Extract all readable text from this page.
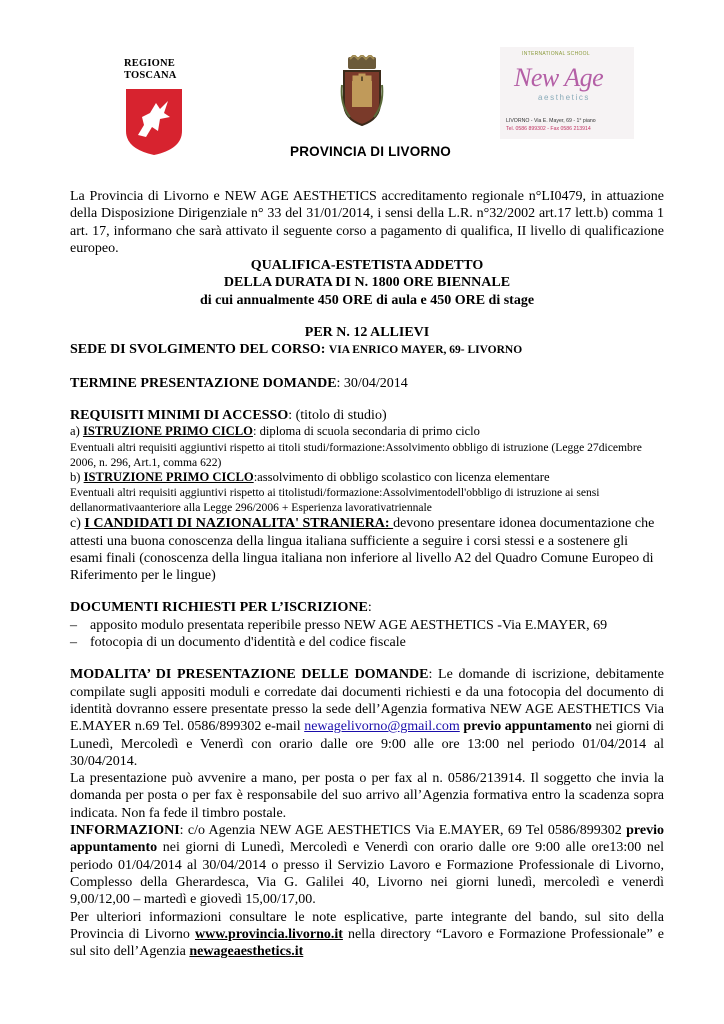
REGIONE
TOSCANA
INTERNATIONAL SCHOOL
New Age
aesthetics
LIVORNO - Via E. Mayer, 69 - 1° piano
Tel. 0586 899302 - Fax 0586 213914
PROVINCIA DI LIVORNO

La Provincia di Livorno e NEW AGE AESTHETICS accreditamento regionale n°LI0479, in attuazione della Disposizione Dirigenziale n° 33 del 31/01/2014, i sensi della L.R. n°32/2002 art.17 lett.b) comma 1 art. 17, informano che sarà attivato il seguente corso a pagamento di qualifica, II livello di qualificazione europeo.

QUALIFICA-ESTETISTA ADDETTO

DELLA DURATA DI N. 1800 ORE BIENNALE

di cui annualmente 450 ORE di aula e 450 ORE di stage

PER N. 12 ALLIEVI

SEDE DI SVOLGIMENTO DEL CORSO: VIA ENRICO MAYER, 69- LIVORNO

TERMINE PRESENTAZIONE DOMANDE: 30/04/2014

REQUISITI MINIMI DI ACCESSO: (titolo di studio)

a) ISTRUZIONE PRIMO CICLO: diploma di scuola secondaria di primo ciclo

Eventuali altri requisiti aggiuntivi rispetto ai titoli studi/formazione:Assolvimento obbligo di istruzione (Legge 27dicembre 2006, n. 296, Art.1, comma 622)

b) ISTRUZIONE PRIMO CICLO:assolvimento di obbligo scolastico con licenza elementare

Eventuali altri requisiti aggiuntivi rispetto ai titolistudi/formazione:Assolvimentodell'obbligo di istruzione ai sensi dellanormativaanteriore alla Legge 296/2006 + Esperienza lavorativatriennale

c) I CANDIDATI DI NAZIONALITA' STRANIERA: devono presentare idonea documentazione che attesti una buona conoscenza della lingua italiana sufficiente a seguire i corsi stessi e a sostenere gli esami finali (conoscenza della lingua italiana non inferiore al livello A2 del Quadro Comune Europeo di Riferimento per le lingue)

DOCUMENTI RICHIESTI PER L’ISCRIZIONE:

– apposito modulo presentata reperibile presso NEW AGE AESTHETICS -Via E.MAYER, 69
– fotocopia di un documento d'identità e del codice fiscale

MODALITA’ DI PRESENTAZIONE DELLE DOMANDE: Le domande di iscrizione, debitamente compilate sugli appositi moduli e corredate dai documenti richiesti e da una fotocopia del documento di identità dovranno essere presentate presso la sede dell’Agenzia formativa NEW AGE AESTHETICS Via E.MAYER n.69 Tel. 0586/899302 e-mail newagelivorno@gmail.com previo appuntamento nei giorni di Lunedì, Mercoledì e Venerdì con orario dalle ore 9:00 alle ore 13:00 nel periodo 01/04/2014 al 30/04/2014.

La presentazione può avvenire a mano, per posta o per fax al n. 0586/213914. Il soggetto che invia la domanda per posta o per fax è responsabile del suo arrivo all’Agenzia formativa entro la scadenza sopra indicata. Non fa fede il timbro postale.

INFORMAZIONI: c/o Agenzia NEW AGE AESTHETICS Via E.MAYER, 69 Tel 0586/899302 previo appuntamento nei giorni di Lunedì, Mercoledì e Venerdì con orario dalle ore 9:00 alle ore13:00 nel periodo 01/04/2014 al 30/04/2014 o presso il Servizio Lavoro e Formazione Professionale di Livorno, Complesso della Gherardesca, Via G. Galilei 40, Livorno nei giorni lunedì, mercoledì e venerdì 9,00/12,00 – martedì e giovedì 15,00/17,00.

Per ulteriori informazioni consultare le note esplicative, parte integrante del bando, sul sito della Provincia di Livorno www.provincia.livorno.it nella directory “Lavoro e Formazione Professionale” e sul sito dell’Agenzia newageaesthetics.it
